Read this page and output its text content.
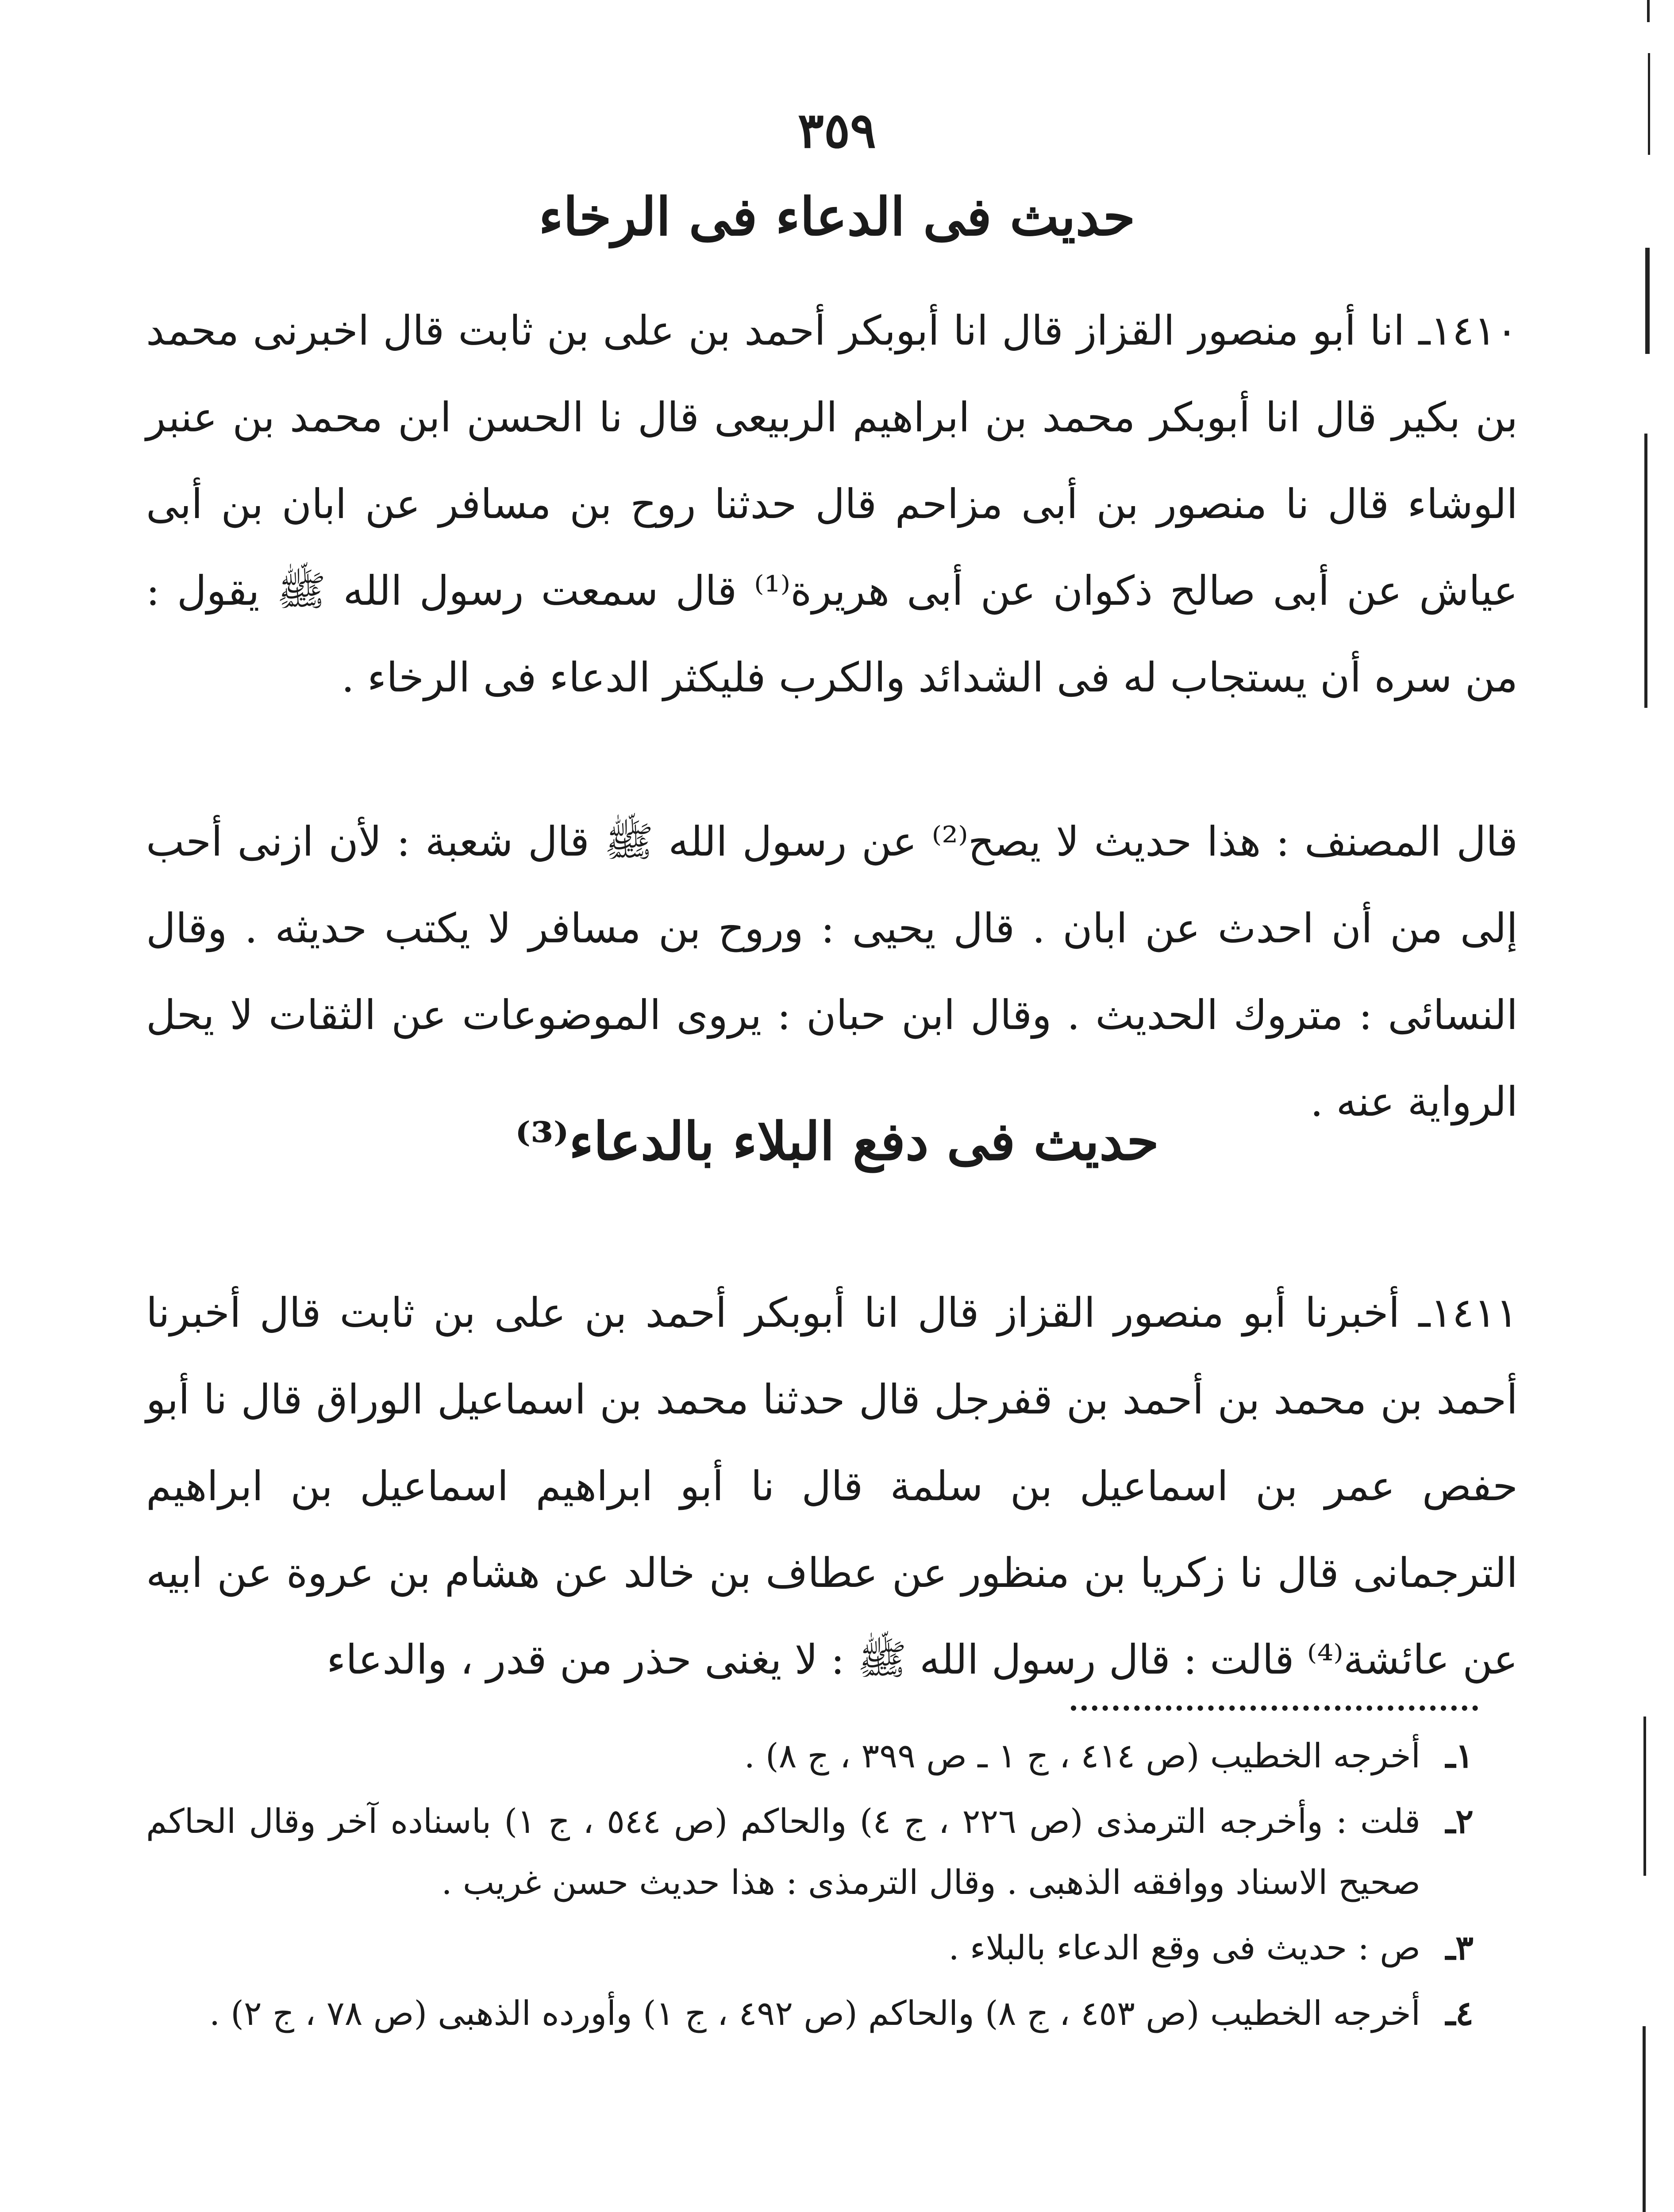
٣٥٩
حديث فى الدعاء فى الرخاء

١٤١٠ـ انا أبو منصور القزاز قال انا أبوبكر أحمد بن على بن ثابت قال اخبرنى محمد بن بكير قال انا أبوبكر محمد بن ابراهيم الربيعى قال نا الحسن ابن محمد بن عنبر الوشاء قال نا منصور بن أبى مزاحم قال حدثنا روح بن مسافر عن ابان بن أبى عياش عن أبى صالح ذكوان عن أبى هريرة⁽¹⁾ قال سمعت رسول الله ﷺ يقول : من سره أن يستجاب له فى الشدائد والكرب فليكثر الدعاء فى الرخاء .

قال المصنف : هذا حديث لا يصح⁽²⁾ عن رسول الله ﷺ قال شعبة : لأن ازنى أحب إلى من أن احدث عن ابان . قال يحيى : وروح بن مسافر لا يكتب حديثه . وقال النسائى : متروك الحديث . وقال ابن حبان : يروى الموضوعات عن الثقات لا يحل الرواية عنه .

حديث فى دفع البلاء بالدعاء⁽³⁾

١٤١١ـ أخبرنا أبو منصور القزاز قال انا أبوبكر أحمد بن على بن ثابت قال أخبرنا أحمد بن محمد بن أحمد بن قفرجل قال حدثنا محمد بن اسماعيل الوراق قال نا أبو حفص عمر بن اسماعيل بن سلمة قال نا أبو ابراهيم اسماعيل بن ابراهيم الترجمانى قال نا زكريا بن منظور عن عطاف بن خالد عن هشام بن عروة عن ابيه عن عائشة⁽⁴⁾ قالت : قال رسول الله ﷺ : لا يغنى حذر من قدر ، والدعاء

١ـ
أخرجه الخطيب (ص ٤١٤ ، ج ١ ـ ص ٣٩٩ ، ج ٨) .
٢ـ
قلت : وأخرجه الترمذى (ص ٢٢٦ ، ج ٤) والحاكم (ص ٥٤٤ ، ج ١) باسناده آخر وقال الحاكم صحيح الاسناد ووافقه الذهبى . وقال الترمذى : هذا حديث حسن غريب .
٣ـ
ص : حديث فى وقع الدعاء بالبلاء .
٤ـ
أخرجه الخطيب (ص ٤٥٣ ، ج ٨) والحاكم (ص ٤٩٢ ، ج ١) وأورده الذهبى (ص ٧٨ ، ج ٢) .
